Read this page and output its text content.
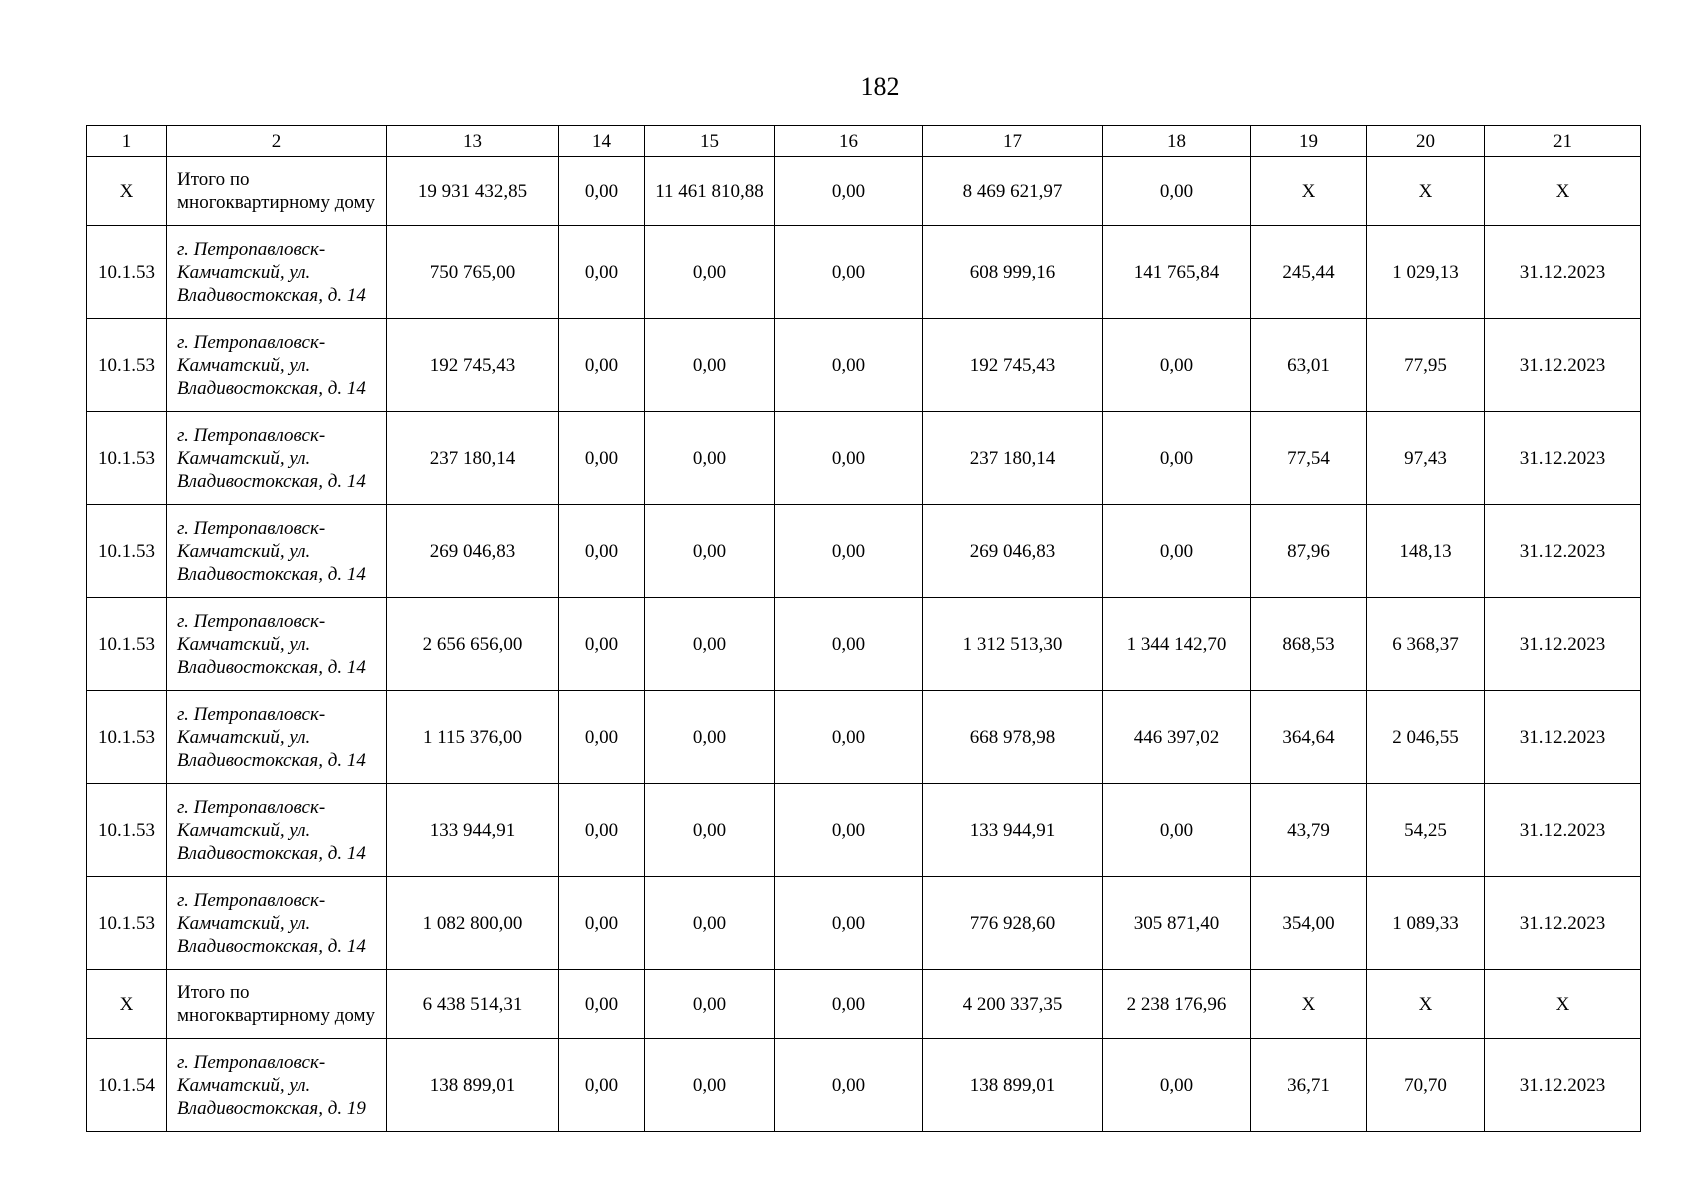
182
1	2	13	14	15	16	17	18	19	20	21
X	Итого по многоквартирному дому	19 931 432,85	0,00	11 461 810,88	0,00	8 469 621,97	0,00	X	X	X
10.1.53	г. Петропавловск-Камчатский, ул. Владивостокская, д. 14	750 765,00	0,00	0,00	0,00	608 999,16	141 765,84	245,44	1 029,13	31.12.2023
10.1.53	г. Петропавловск-Камчатский, ул. Владивостокская, д. 14	192 745,43	0,00	0,00	0,00	192 745,43	0,00	63,01	77,95	31.12.2023
10.1.53	г. Петропавловск-Камчатский, ул. Владивостокская, д. 14	237 180,14	0,00	0,00	0,00	237 180,14	0,00	77,54	97,43	31.12.2023
10.1.53	г. Петропавловск-Камчатский, ул. Владивостокская, д. 14	269 046,83	0,00	0,00	0,00	269 046,83	0,00	87,96	148,13	31.12.2023
10.1.53	г. Петропавловск-Камчатский, ул. Владивостокская, д. 14	2 656 656,00	0,00	0,00	0,00	1 312 513,30	1 344 142,70	868,53	6 368,37	31.12.2023
10.1.53	г. Петропавловск-Камчатский, ул. Владивостокская, д. 14	1 115 376,00	0,00	0,00	0,00	668 978,98	446 397,02	364,64	2 046,55	31.12.2023
10.1.53	г. Петропавловск-Камчатский, ул. Владивостокская, д. 14	133 944,91	0,00	0,00	0,00	133 944,91	0,00	43,79	54,25	31.12.2023
10.1.53	г. Петропавловск-Камчатский, ул. Владивостокская, д. 14	1 082 800,00	0,00	0,00	0,00	776 928,60	305 871,40	354,00	1 089,33	31.12.2023
X	Итого по многоквартирному дому	6 438 514,31	0,00	0,00	0,00	4 200 337,35	2 238 176,96	X	X	X
10.1.54	г. Петропавловск-Камчатский, ул. Владивостокская, д. 19	138 899,01	0,00	0,00	0,00	138 899,01	0,00	36,71	70,70	31.12.2023
